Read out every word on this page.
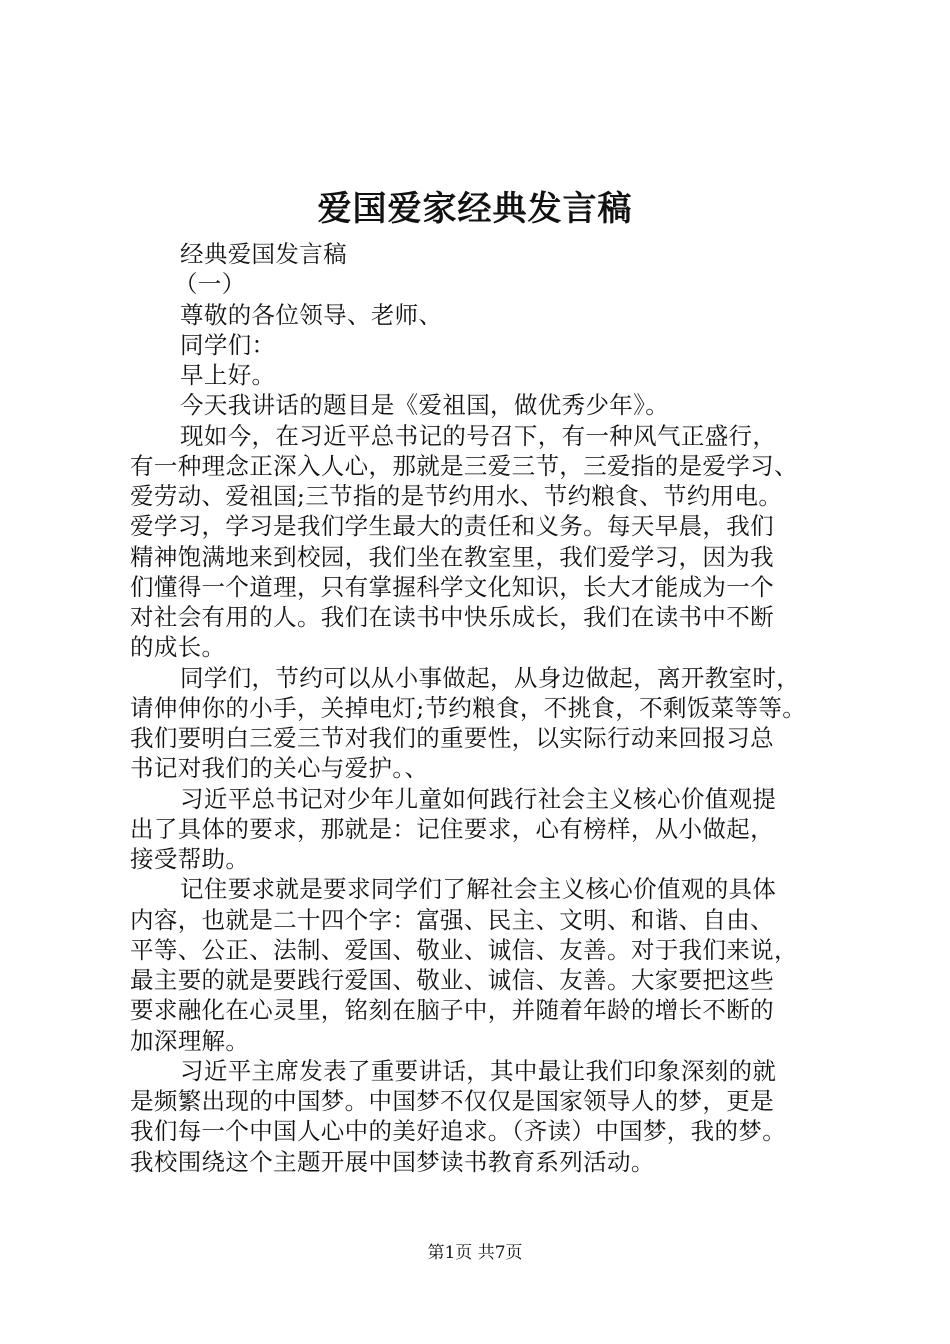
爱国爱家经典发言稿
经典爱国发言稿
（一）
尊敬的各位领导、老师、
同学们：
早上好。
今天我讲话的题目是《爱祖国，做优秀少年》。
现如今，在习近平总书记的号召下，有一种风气正盛行，
有一种理念正深入人心，那就是三爱三节，三爱指的是爱学习、
爱劳动、爱祖国;三节指的是节约用水、节约粮食、节约用电。
爱学习，学习是我们学生最大的责任和义务。每天早晨，我们
精神饱满地来到校园，我们坐在教室里，我们爱学习，因为我
们懂得一个道理，只有掌握科学文化知识，长大才能成为一个
对社会有用的人。我们在读书中快乐成长，我们在读书中不断
的成长。
同学们，节约可以从小事做起，从身边做起，离开教室时，
请伸伸你的小手，关掉电灯;节约粮食，不挑食，不剩饭菜等等。
我们要明白三爱三节对我们的重要性，以实际行动来回报习总
书记对我们的关心与爱护。、
习近平总书记对少年儿童如何践行社会主义核心价值观提
出了具体的要求，那就是：记住要求，心有榜样，从小做起，
接受帮助。
记住要求就是要求同学们了解社会主义核心价值观的具体
内容，也就是二十四个字：富强、民主、文明、和谐、自由、
平等、公正、法制、爱国、敬业、诚信、友善。对于我们来说，
最主要的就是要践行爱国、敬业、诚信、友善。大家要把这些
要求融化在心灵里，铭刻在脑子中，并随着年龄的增长不断的
加深理解。
习近平主席发表了重要讲话，其中最让我们印象深刻的就
是频繁出现的中国梦。中国梦不仅仅是国家领导人的梦，更是
我们每一个中国人心中的美好追求。（齐读）中国梦，我的梦。
我校围绕这个主题开展中国梦读书教育系列活动。
第1页 共7页
